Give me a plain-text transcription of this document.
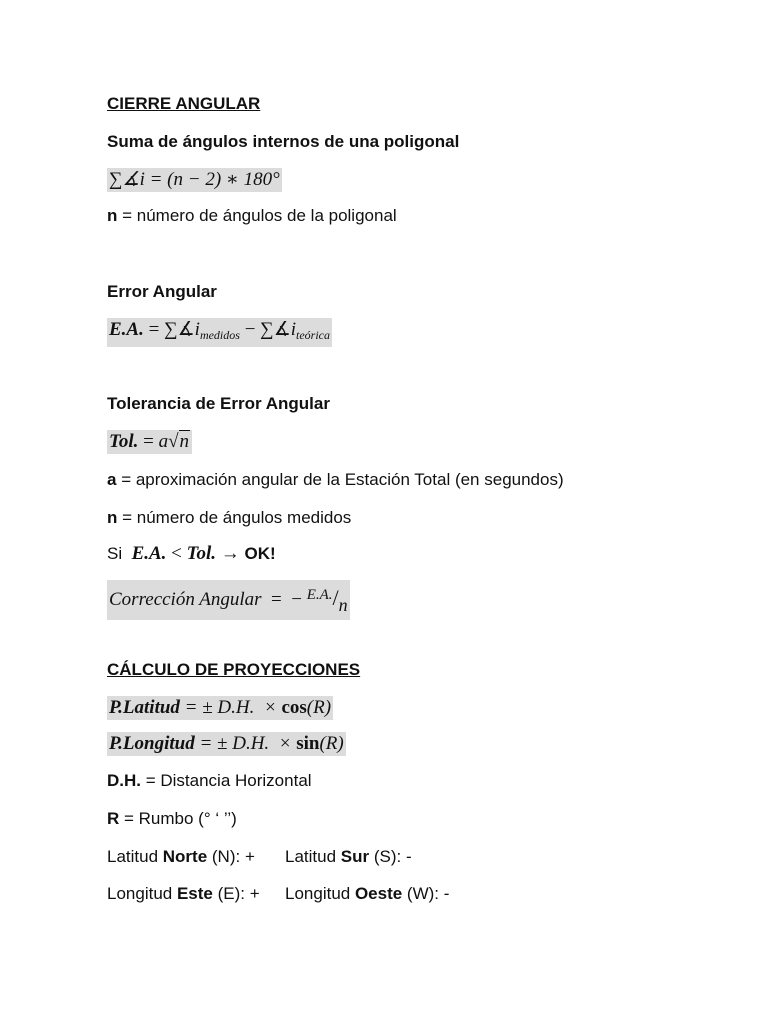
CIERRE ANGULAR
Suma de ángulos internos de una poligonal
∑∡i = (n − 2) ∗ 180°
n = número de ángulos de la poligonal
Error Angular
E.A. = $\sum∡i_{medidos}$ − $\sum∡i_{teórica}$
Tolerancia de Error Angular
Tol. = a√n
a = aproximación angular de la Estación Total (en segundos)
n = número de ángulos medidos
Si  E.A. < Tol. → OK!
Corrección Angular  =  − $^{E.A.}$/n
CÁLCULO DE PROYECCIONES
P.Latitud = ± D.H.  × cos(R)
P.Longitud = ± D.H.  × sin(R)
D.H. = Distancia Horizontal
R = Rumbo (° ‘ ’’)
Latitud Norte (N): + Latitud Sur (S): -
Longitud Este (E): + Longitud Oeste (W): -
